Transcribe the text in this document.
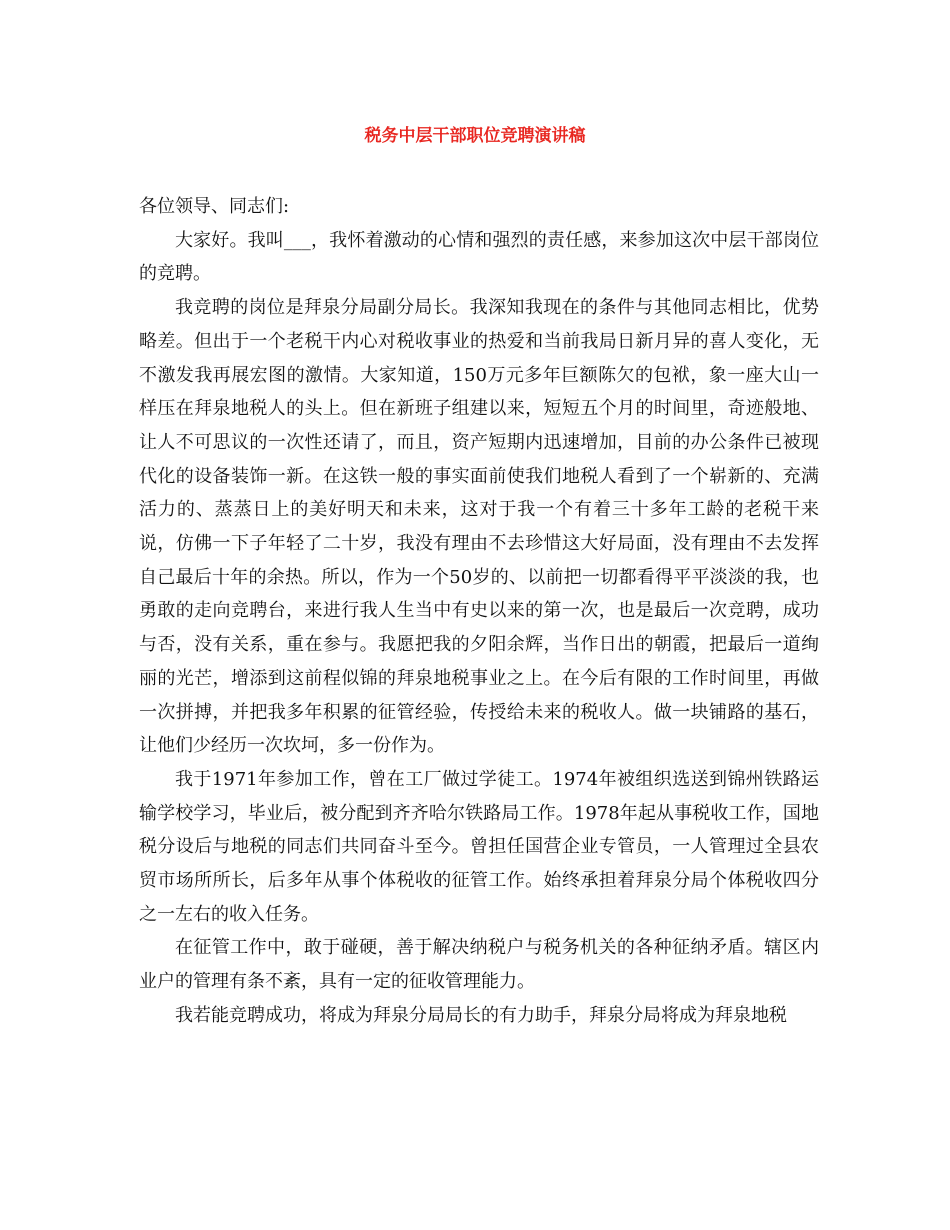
税务中层干部职位竞聘演讲稿

各位领导、同志们:

大家好。我叫___，我怀着激动的心情和强烈的责任感，来参加这次中层干部岗位的竞聘。

我竞聘的岗位是拜泉分局副分局长。我深知我现在的条件与其他同志相比，优势略差。但出于一个老税干内心对税收事业的热爱和当前我局日新月异的喜人变化，无不激发我再展宏图的激情。大家知道，150万元多年巨额陈欠的包袱，象一座大山一样压在拜泉地税人的头上。但在新班子组建以来，短短五个月的时间里，奇迹般地、让人不可思议的一次性还请了，而且，资产短期内迅速增加，目前的办公条件已被现代化的设备装饰一新。在这铁一般的事实面前使我们地税人看到了一个崭新的、充满活力的、蒸蒸日上的美好明天和未来，这对于我一个有着三十多年工龄的老税干来说，仿佛一下子年轻了二十岁，我没有理由不去珍惜这大好局面，没有理由不去发挥自己最后十年的余热。所以，作为一个50岁的、以前把一切都看得平平淡淡的我，也勇敢的走向竞聘台，来进行我人生当中有史以来的第一次，也是最后一次竞聘，成功与否，没有关系，重在参与。我愿把我的夕阳余辉，当作日出的朝霞，把最后一道绚丽的光芒，增添到这前程似锦的拜泉地税事业之上。在今后有限的工作时间里，再做一次拼搏，并把我多年积累的征管经验，传授给未来的税收人。做一块铺路的基石，让他们少经历一次坎坷，多一份作为。

我于1971年参加工作，曾在工厂做过学徒工。1974年被组织选送到锦州铁路运输学校学习，毕业后，被分配到齐齐哈尔铁路局工作。1978年起从事税收工作，国地税分设后与地税的同志们共同奋斗至今。曾担任国营企业专管员，一人管理过全县农贸市场所所长，后多年从事个体税收的征管工作。始终承担着拜泉分局个体税收四分之一左右的收入任务。

在征管工作中，敢于碰硬，善于解决纳税户与税务机关的各种征纳矛盾。辖区内业户的管理有条不紊，具有一定的征收管理能力。

我若能竞聘成功，将成为拜泉分局局长的有力助手，拜泉分局将成为拜泉地税
